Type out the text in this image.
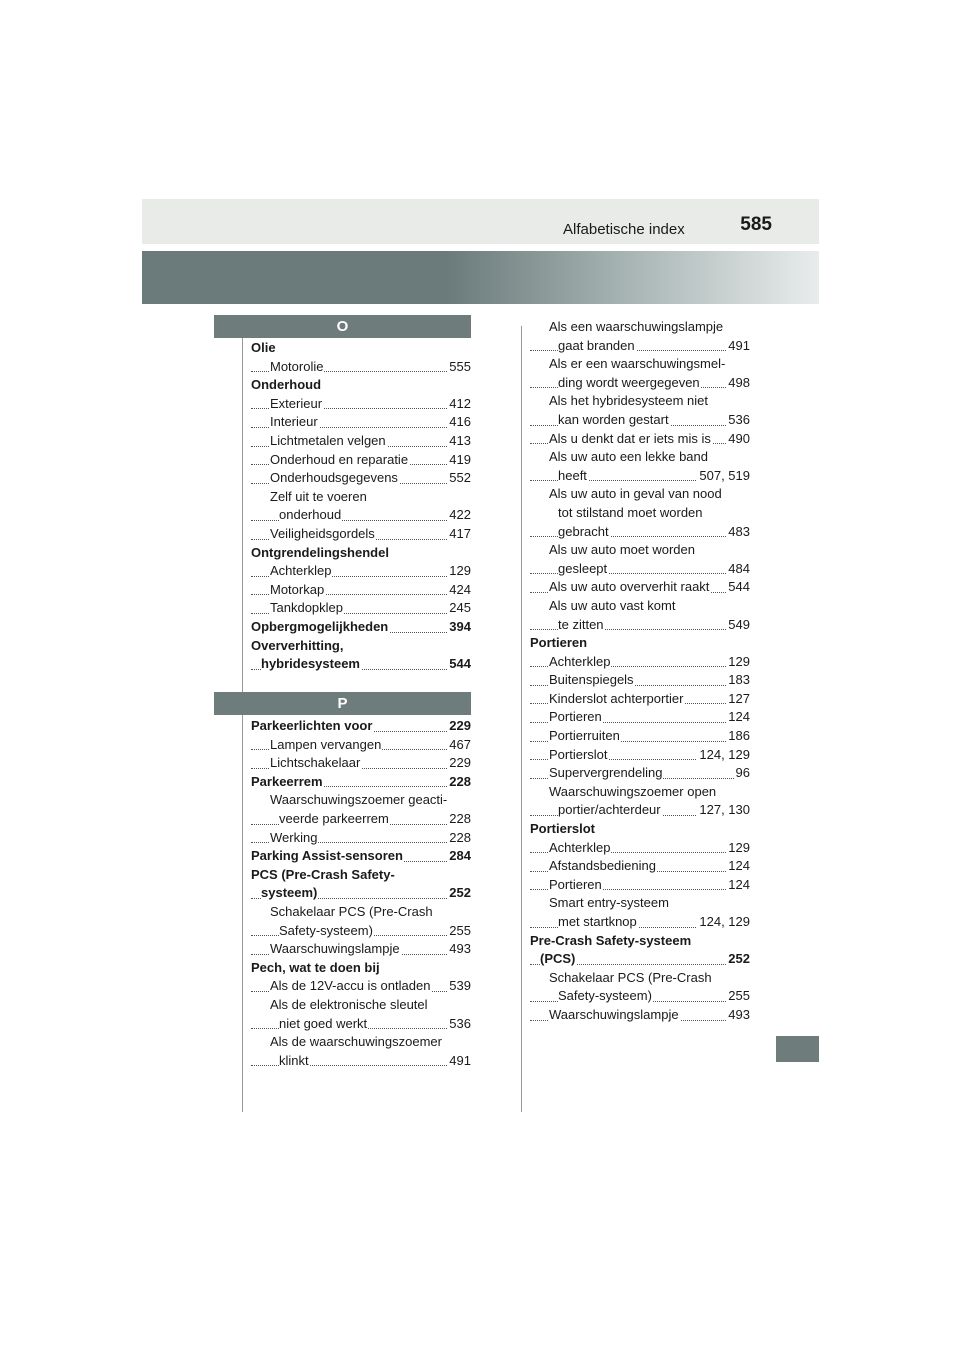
Alfabetische index	585
O
Olie
Motorolie	555
Onderhoud
Exterieur	412
Interieur	416
Lichtmetalen velgen	413
Onderhoud en reparatie	419
Onderhoudsgegevens	552
Zelf uit te voeren
onderhoud	422
Veiligheidsgordels	417
Ontgrendelingshendel
Achterklep	129
Motorkap	424
Tankdopklep	245
Opbergmogelijkheden	394
Oververhitting,
hybridesysteem	544
P
Parkeerlichten voor	229
Lampen vervangen	467
Lichtschakelaar	229
Parkeerrem	228
Waarschuwingszoemer geacti-
veerde parkeerrem	228
Werking	228
Parking Assist-sensoren	284
PCS (Pre-Crash Safety-
systeem)	252
Schakelaar PCS (Pre-Crash
Safety-systeem)	255
Waarschuwingslampje	493
Pech, wat te doen bij
Als de 12V-accu is ontladen 539
Als de elektronische sleutel
niet goed werkt	536
Als de waarschuwingszoemer
klinkt	491
Als een waarschuwingslampje
gaat branden	491
Als er een waarschuwingsmel-
ding wordt weergegeven 498
Als het hybridesysteem niet
kan worden gestart	536
Als u denkt dat er iets mis is 490
Als uw auto een lekke band
heeft	507, 519
Als uw auto in geval van nood
tot stilstand moet worden
gebracht	483
Als uw auto moet worden
gesleept	484
Als uw auto oververhit raakt 544
Als uw auto vast komt
te zitten	549
Portieren
Achterklep	129
Buitenspiegels	183
Kinderslot achterportier	127
Portieren	124
Portierruiten	186
Portierslot	124, 129
Supervergrendeling	96
Waarschuwingszoemer open
portier/achterdeur	127, 130
Portierslot
Achterklep	129
Afstandsbediening	124
Portieren	124
Smart entry-systeem
met startknop	124, 129
Pre-Crash Safety-systeem
(PCS)	252
Schakelaar PCS (Pre-Crash
Safety-systeem)	255
Waarschuwingslampje	493
